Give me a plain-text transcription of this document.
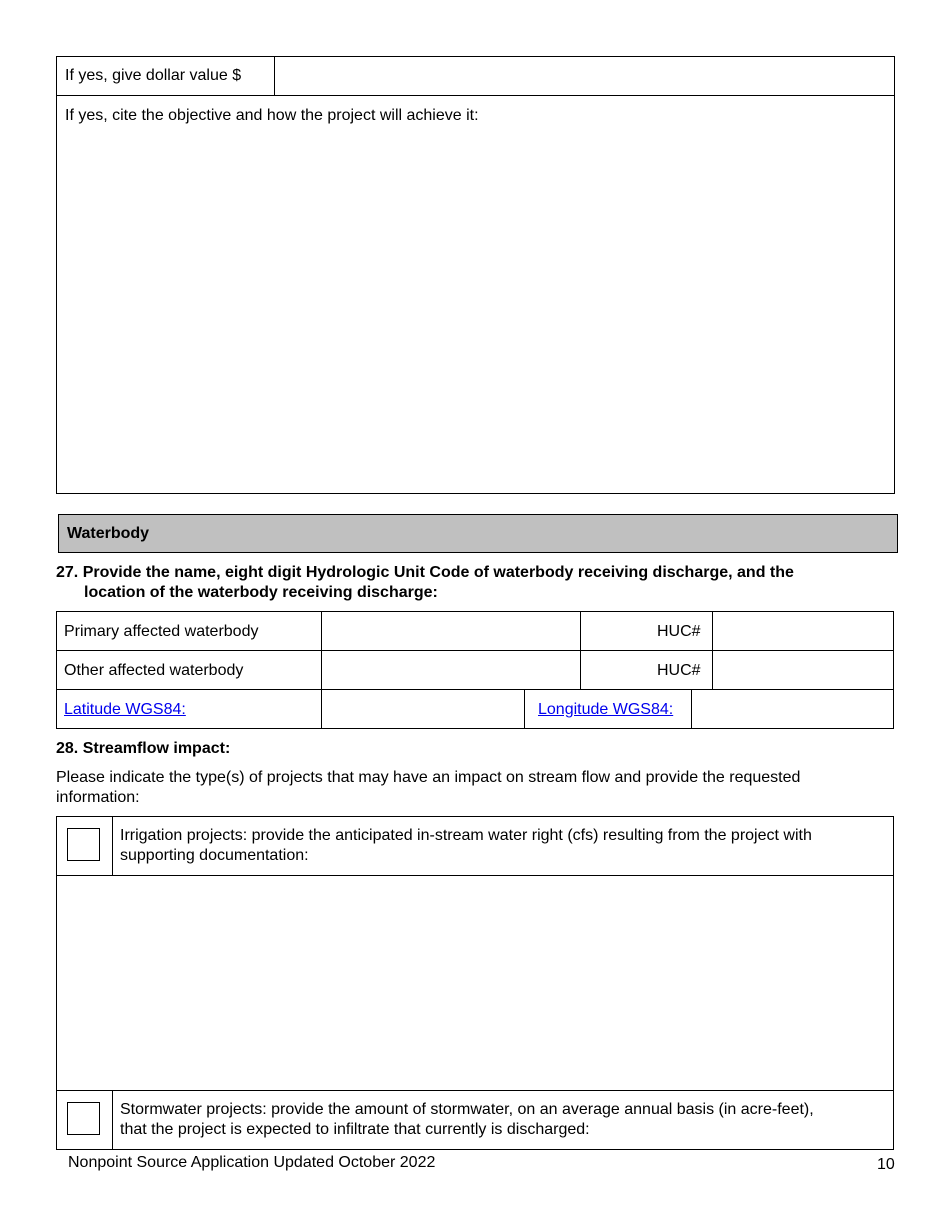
If yes, give dollar value $
If yes, cite the objective and how the project will achieve it:
Waterbody
27. Provide the name, eight digit Hydrologic Unit Code of waterbody receiving discharge, and the
location of the waterbody receiving discharge:
Primary affected waterbody	HUC#
Other affected waterbody	HUC#
Latitude WGS84:	Longitude WGS84:
28. Streamflow impact:
Please indicate the type(s) of projects that may have an impact on stream flow and provide the requested
information:
Irrigation projects: provide the anticipated in-stream water right (cfs) resulting from the project with
supporting documentation:
Stormwater projects: provide the amount of stormwater, on an average annual basis (in acre-feet),
that the project is expected to infiltrate that currently is discharged:
Nonpoint Source Application Updated October 2022	10
